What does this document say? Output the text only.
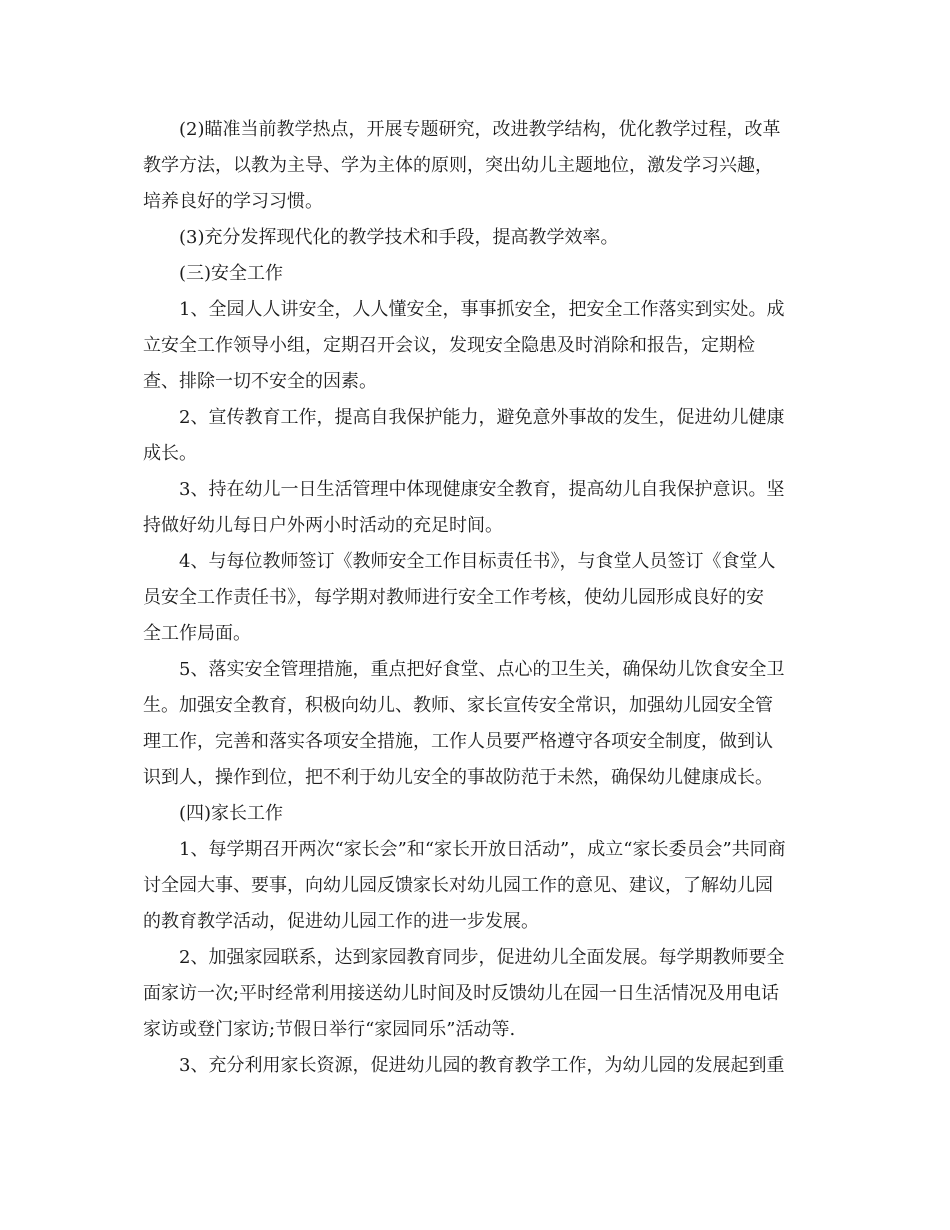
(2)瞄准当前教学热点，开展专题研究，改进教学结构，优化教学过程，改革
教学方法，以教为主导、学为主体的原则，突出幼儿主题地位，激发学习兴趣，
培养良好的学习习惯。

(3)充分发挥现代化的教学技术和手段，提高教学效率。

(三)安全工作

1、全园人人讲安全，人人懂安全，事事抓安全，把安全工作落实到实处。成
立安全工作领导小组，定期召开会议，发现安全隐患及时消除和报告，定期检
查、排除一切不安全的因素。

2、宣传教育工作，提高自我保护能力，避免意外事故的发生，促进幼儿健康
成长。

3、持在幼儿一日生活管理中体现健康安全教育，提高幼儿自我保护意识。坚
持做好幼儿每日户外两小时活动的充足时间。

4、与每位教师签订《教师安全工作目标责任书》，与食堂人员签订《食堂人
员安全工作责任书》，每学期对教师进行安全工作考核，使幼儿园形成良好的安
全工作局面。

5、落实安全管理措施，重点把好食堂、点心的卫生关，确保幼儿饮食安全卫
生。加强安全教育，积极向幼儿、教师、家长宣传安全常识，加强幼儿园安全管
理工作，完善和落实各项安全措施，工作人员要严格遵守各项安全制度，做到认
识到人，操作到位，把不利于幼儿安全的事故防范于未然，确保幼儿健康成长。

(四)家长工作

1、每学期召开两次“家长会”和“家长开放日活动”，成立“家长委员会”共同商
讨全园大事、要事，向幼儿园反馈家长对幼儿园工作的意见、建议，了解幼儿园
的教育教学活动，促进幼儿园工作的进一步发展。

2、加强家园联系，达到家园教育同步，促进幼儿全面发展。每学期教师要全
面家访一次;平时经常利用接送幼儿时间及时反馈幼儿在园一日生活情况及用电话
家访或登门家访;节假日举行“家园同乐”活动等.

3、充分利用家长资源，促进幼儿园的教育教学工作，为幼儿园的发展起到重
